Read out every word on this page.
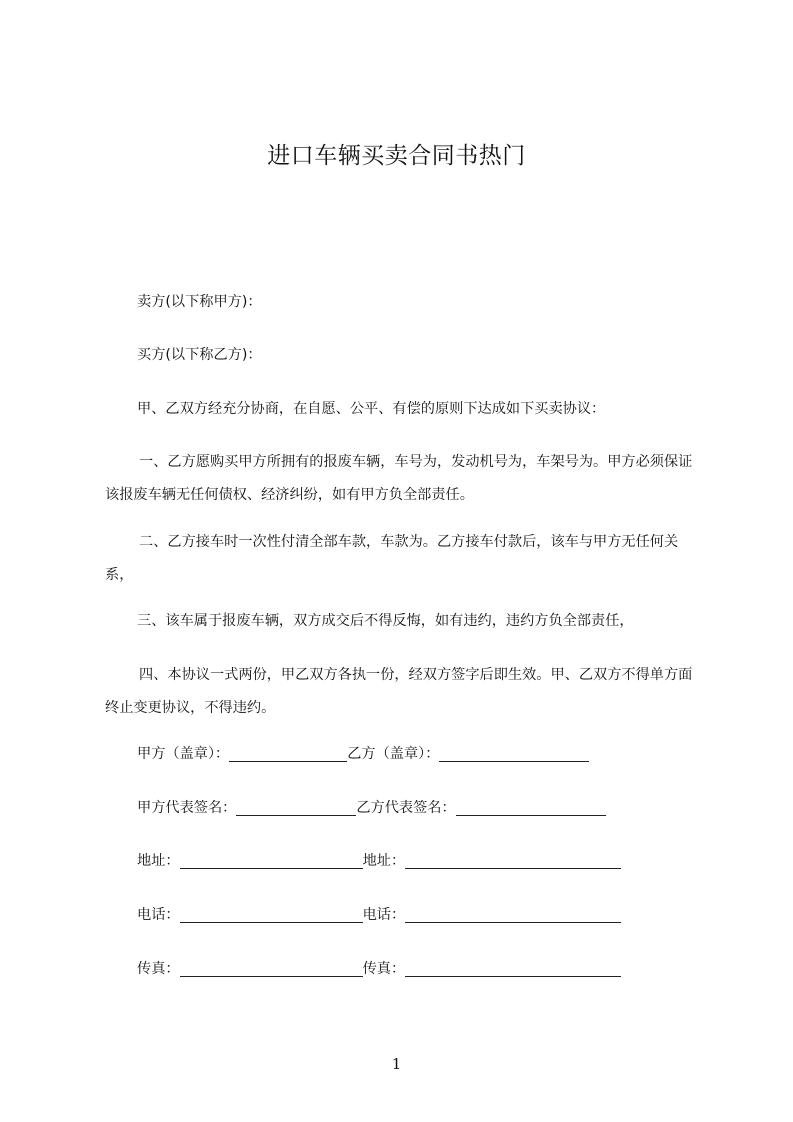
进口车辆买卖合同书热门

卖方(以下称甲方)：

买方(以下称乙方)：

甲、乙双方经充分协商，在自愿、公平、有偿的原则下达成如下买卖协议：

一、乙方愿购买甲方所拥有的报废车辆，车号为，发动机号为，车架号为。甲方必须保证该报废车辆无任何债权、经济纠纷，如有甲方负全部责任。

二、乙方接车时一次性付清全部车款，车款为。乙方接车付款后，该车与甲方无任何关系，

三、该车属于报废车辆，双方成交后不得反悔，如有违约，违约方负全部责任，

四、本协议一式两份，甲乙双方各执一份，经双方签字后即生效。甲、乙双方不得单方面终止变更协议，不得违约。

甲方（盖章）：	乙方（盖章）：
甲方代表签名：	乙方代表签名：
地址：	地址：
电话：	电话：
传真：	传真：
1
